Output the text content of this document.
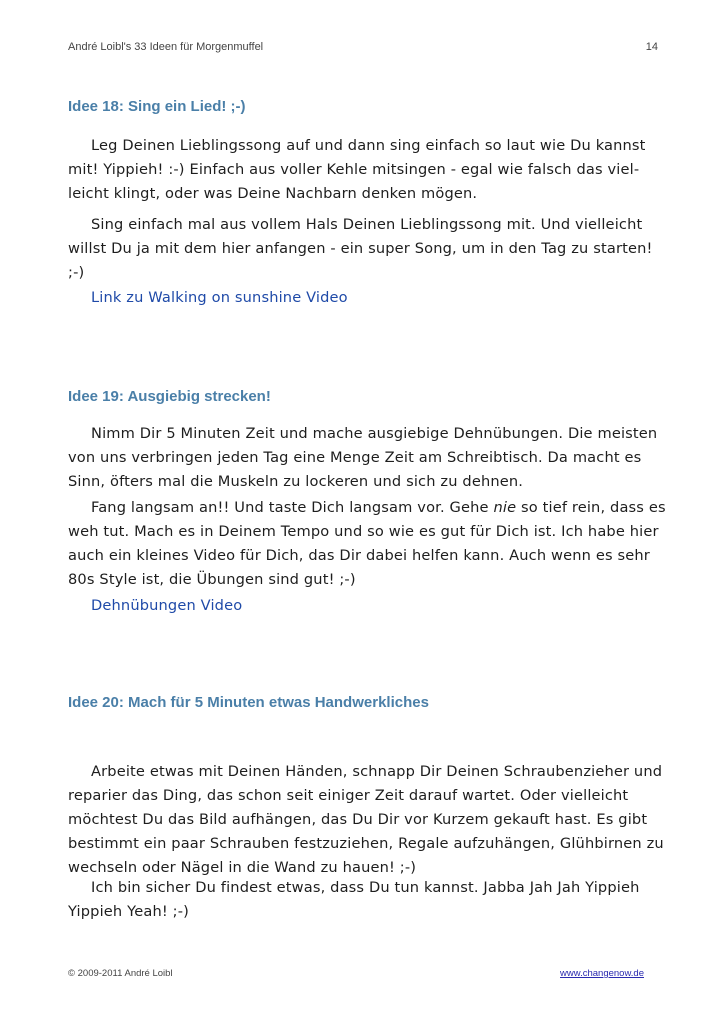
André Loibl's 33 Ideen für Morgenmuffel	14
Idee 18: Sing ein Lied! ;-)

Leg Deinen Lieblingssong auf und dann sing einfach so laut wie Du kannst mit! Yippieh! :-) Einfach aus voller Kehle mitsingen - egal wie falsch das viel-leicht klingt, oder was Deine Nachbarn denken mögen.

Sing einfach mal aus vollem Hals Deinen Lieblingssong mit. Und vielleicht willst Du ja mit dem hier anfangen - ein super Song, um in den Tag zu starten! ;-)

Link zu Walking on sunshine Video
Idee 19: Ausgiebig strecken!

Nimm Dir 5 Minuten Zeit und mache ausgiebige Dehnübungen. Die meisten von uns verbringen jeden Tag eine Menge Zeit am Schreibtisch. Da macht es Sinn, öfters mal die Muskeln zu lockeren und sich zu dehnen.

Fang langsam an!! Und taste Dich langsam vor. Gehe nie so tief rein, dass es weh tut. Mach es in Deinem Tempo und so wie es gut für Dich ist. Ich habe hier auch ein kleines Video für Dich, das Dir dabei helfen kann. Auch wenn es sehr 80s Style ist, die Übungen sind gut! ;-)

Dehnübungen Video
Idee 20: Mach für 5 Minuten etwas Handwerkliches

Arbeite etwas mit Deinen Händen, schnapp Dir Deinen Schraubenzieher und reparier das Ding, das schon seit einiger Zeit darauf wartet. Oder vielleicht möchtest Du das Bild aufhängen, das Du Dir vor Kurzem gekauft hast. Es gibt bestimmt ein paar Schrauben festzuziehen, Regale aufzuhängen, Glühbirnen zu wechseln oder Nägel in die Wand zu hauen! ;-)

Ich bin sicher Du findest etwas, dass Du tun kannst. Jabba Jah Jah Yippieh Yippieh Yeah! ;-)

© 2009-2011 André Loibl	www.changenow.de
